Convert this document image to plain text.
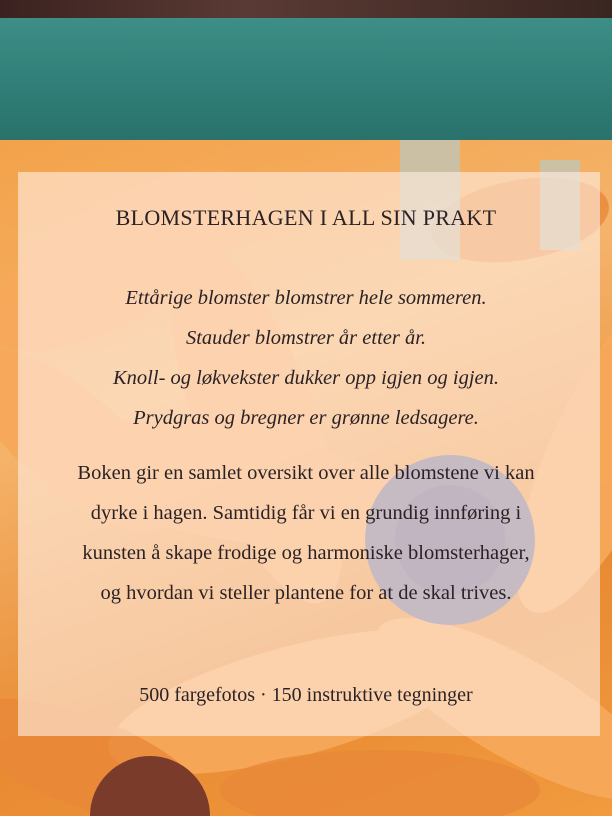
BLOMSTERHAGEN I ALL SIN PRAKT
Ettårige blomster blomstrer hele sommeren.
Stauder blomstrer år etter år.
Knoll- og løkvekster dukker opp igjen og igjen.
Prydgras og bregner er grønne ledsagere.
Boken gir en samlet oversikt over alle blomstene vi kan
dyrke i hagen. Samtidig får vi en grundig innføring i
kunsten å skape frodige og harmoniske blomsterhager,
og hvordan vi steller plantene for at de skal trives.
500 fargefotos · 150 instruktive tegninger
